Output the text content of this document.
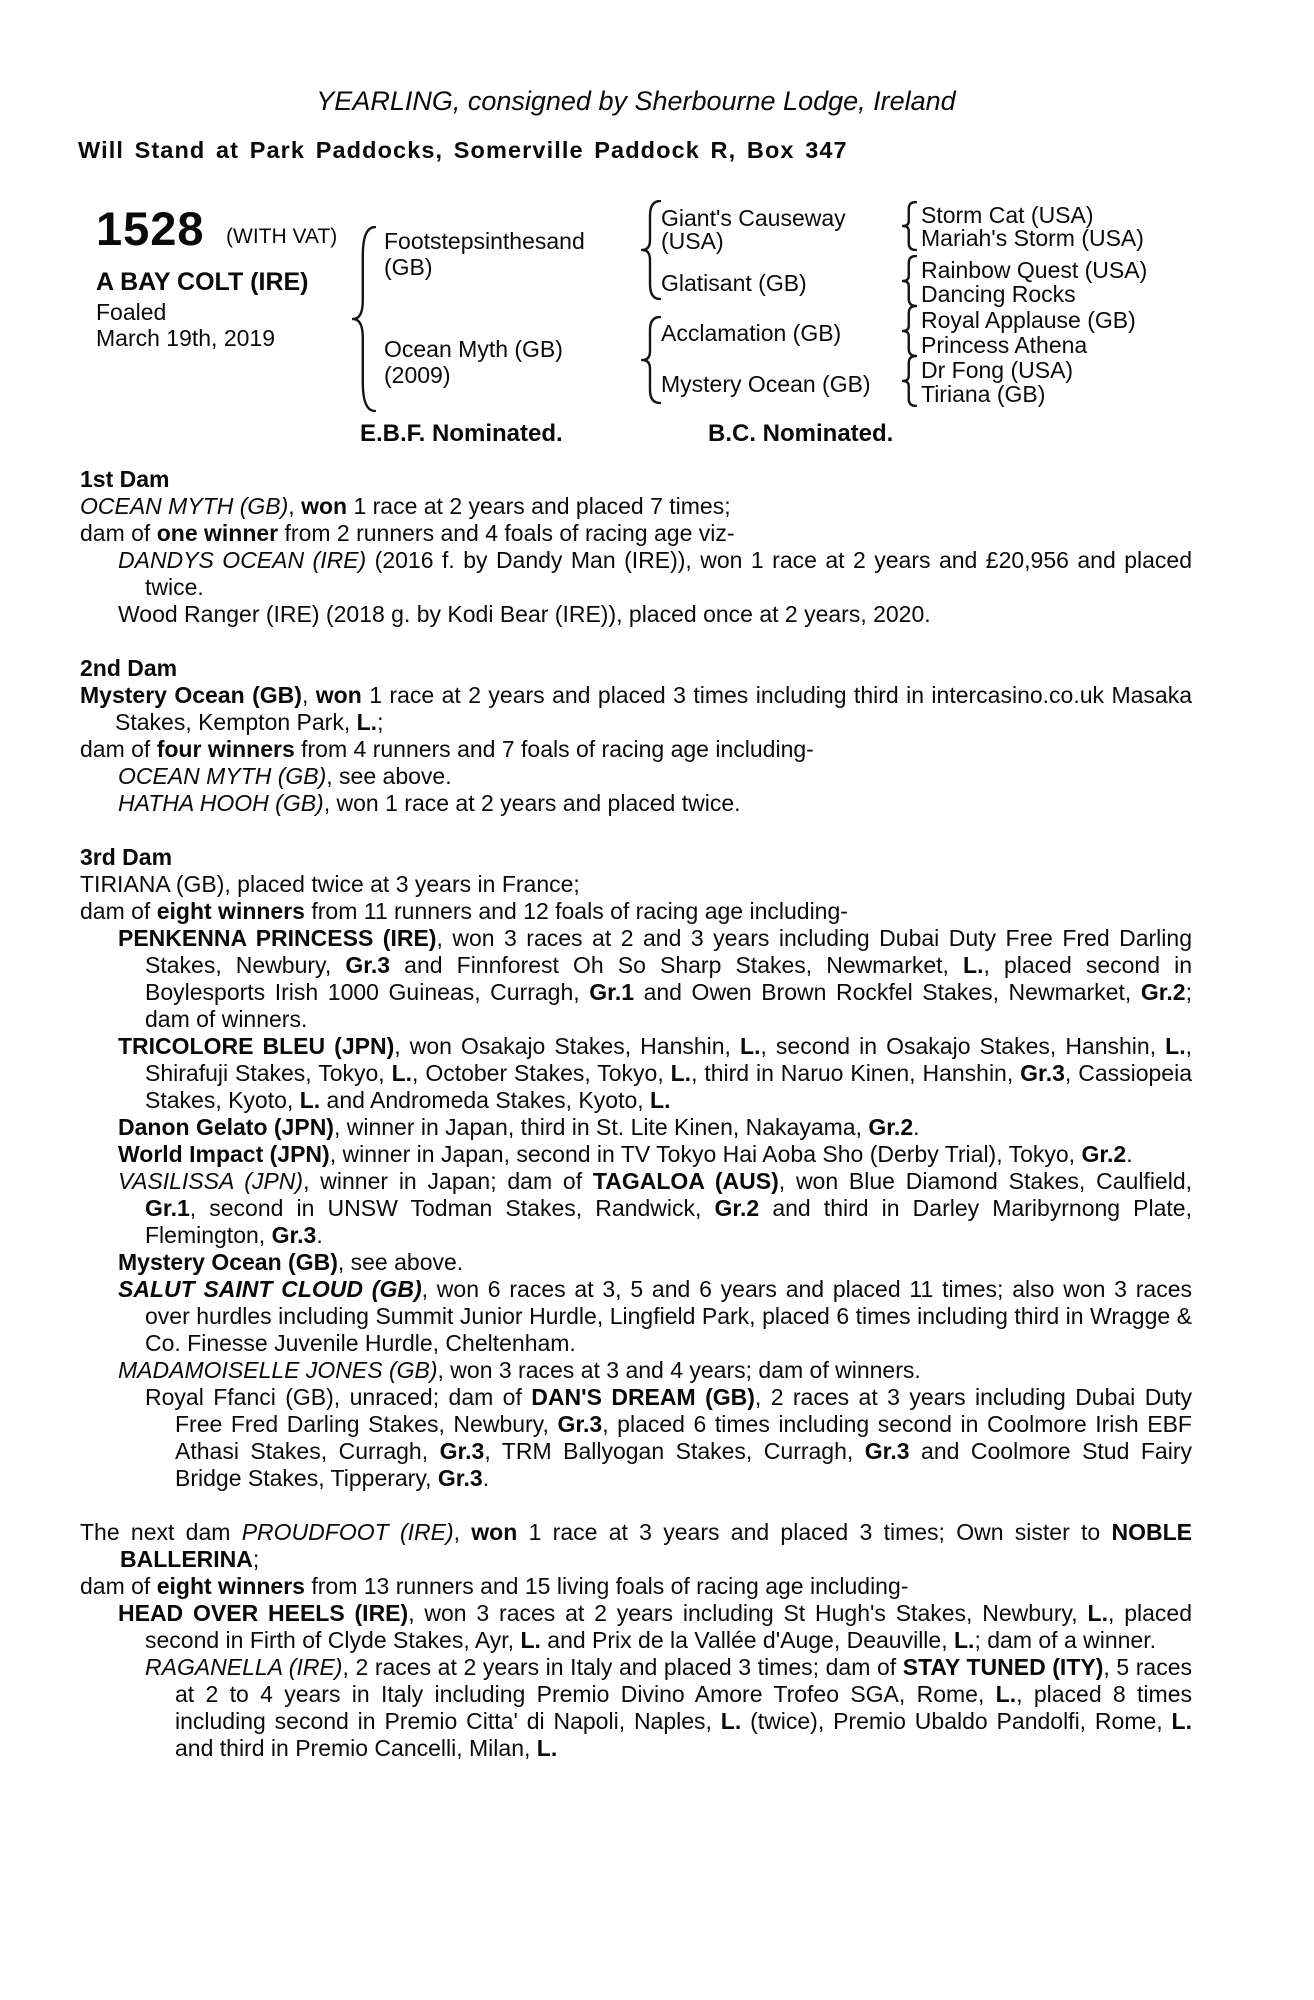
YEARLING, consigned by Sherbourne Lodge, Ireland
Will Stand at Park Paddocks, Somerville Paddock R, Box 347
1528 (WITH VAT)
A BAY COLT (IRE)
Foaled
March 19th, 2019
Footstepsinthesand
(GB)
Ocean Myth (GB)
(2009)
Giant's Causeway
(USA)
Glatisant (GB)
Acclamation (GB)
Mystery Ocean (GB)
Storm Cat (USA)
Mariah's Storm (USA)
Rainbow Quest (USA)
Dancing Rocks
Royal Applause (GB)
Princess Athena
Dr Fong (USA)
Tiriana (GB)
E.B.F. Nominated.	B.C. Nominated.
1st Dam

OCEAN MYTH (GB), won 1 race at 2 years and placed 7 times;

dam of one winner from 2 runners and 4 foals of racing age viz-

DANDYS OCEAN (IRE) (2016 f. by Dandy Man (IRE)), won 1 race at 2 years and £20,956 and placed twice.

Wood Ranger (IRE) (2018 g. by Kodi Bear (IRE)), placed once at 2 years, 2020.

2nd Dam

Mystery Ocean (GB), won 1 race at 2 years and placed 3 times including third in intercasino.co.uk Masaka Stakes, Kempton Park, L.;

dam of four winners from 4 runners and 7 foals of racing age including-

OCEAN MYTH (GB), see above.

HATHA HOOH (GB), won 1 race at 2 years and placed twice.

3rd Dam

TIRIANA (GB), placed twice at 3 years in France;

dam of eight winners from 11 runners and 12 foals of racing age including-

PENKENNA PRINCESS (IRE), won 3 races at 2 and 3 years including Dubai Duty Free Fred Darling Stakes, Newbury, Gr.3 and Finnforest Oh So Sharp Stakes, Newmarket, L., placed second in Boylesports Irish 1000 Guineas, Curragh, Gr.1 and Owen Brown Rockfel Stakes, Newmarket, Gr.2; dam of winners.

TRICOLORE BLEU (JPN), won Osakajo Stakes, Hanshin, L., second in Osakajo Stakes, Hanshin, L., Shirafuji Stakes, Tokyo, L., October Stakes, Tokyo, L., third in Naruo Kinen, Hanshin, Gr.3, Cassiopeia Stakes, Kyoto, L. and Andromeda Stakes, Kyoto, L.

Danon Gelato (JPN), winner in Japan, third in St. Lite Kinen, Nakayama, Gr.2.

World Impact (JPN), winner in Japan, second in TV Tokyo Hai Aoba Sho (Derby Trial), Tokyo, Gr.2.

VASILISSA (JPN), winner in Japan; dam of TAGALOA (AUS), won Blue Diamond Stakes, Caulfield, Gr.1, second in UNSW Todman Stakes, Randwick, Gr.2 and third in Darley Maribyrnong Plate, Flemington, Gr.3.

Mystery Ocean (GB), see above.

SALUT SAINT CLOUD (GB), won 6 races at 3, 5 and 6 years and placed 11 times; also won 3 races over hurdles including Summit Junior Hurdle, Lingfield Park, placed 6 times including third in Wragge & Co. Finesse Juvenile Hurdle, Cheltenham.

MADAMOISELLE JONES (GB), won 3 races at 3 and 4 years; dam of winners.

Royal Ffanci (GB), unraced; dam of DAN'S DREAM (GB), 2 races at 3 years including Dubai Duty Free Fred Darling Stakes, Newbury, Gr.3, placed 6 times including second in Coolmore Irish EBF Athasi Stakes, Curragh, Gr.3, TRM Ballyogan Stakes, Curragh, Gr.3 and Coolmore Stud Fairy Bridge Stakes, Tipperary, Gr.3.

The next dam PROUDFOOT (IRE), won 1 race at 3 years and placed 3 times; Own sister to NOBLE BALLERINA;

dam of eight winners from 13 runners and 15 living foals of racing age including-

HEAD OVER HEELS (IRE), won 3 races at 2 years including St Hugh's Stakes, Newbury, L., placed second in Firth of Clyde Stakes, Ayr, L. and Prix de la Vallée d'Auge, Deauville, L.; dam of a winner.

RAGANELLA (IRE), 2 races at 2 years in Italy and placed 3 times; dam of STAY TUNED (ITY), 5 races at 2 to 4 years in Italy including Premio Divino Amore Trofeo SGA, Rome, L., placed 8 times including second in Premio Citta' di Napoli, Naples, L. (twice), Premio Ubaldo Pandolfi, Rome, L. and third in Premio Cancelli, Milan, L.
